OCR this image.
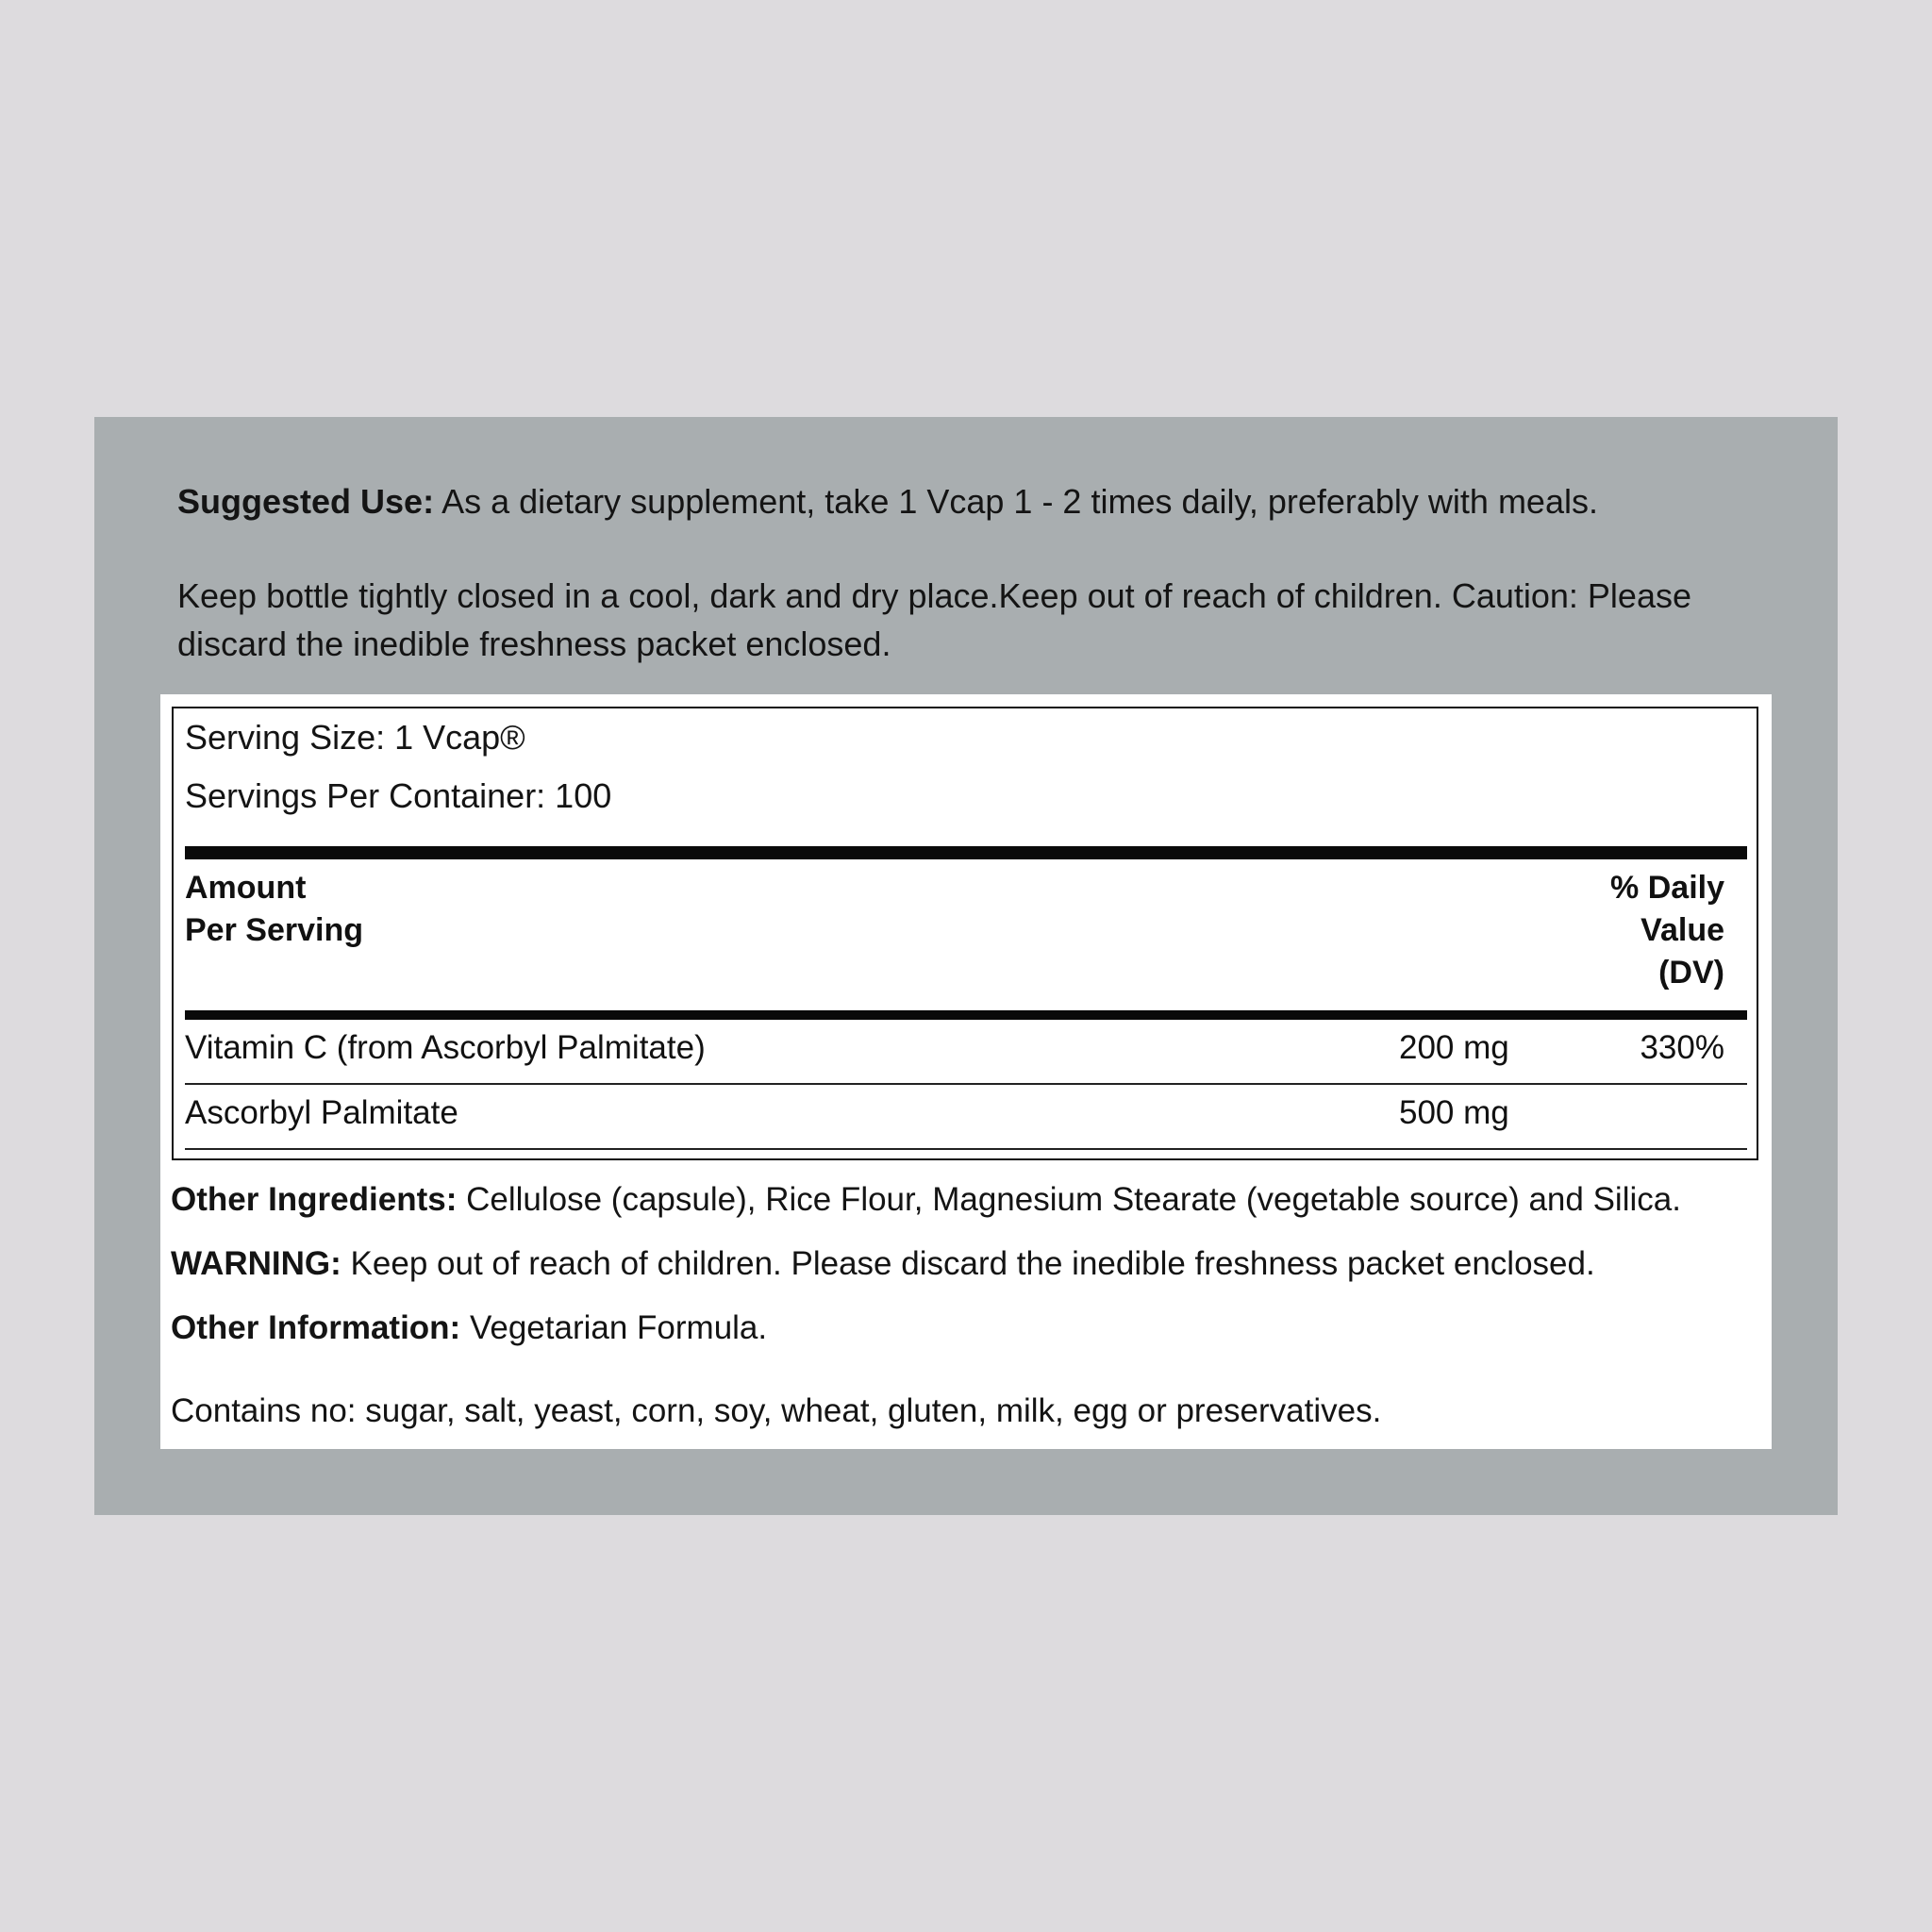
Suggested Use: As a dietary supplement, take 1 Vcap 1 - 2 times daily, preferably with meals.

Keep bottle tightly closed in a cool, dark and dry place.Keep out of reach of children. Caution: Please

discard the inedible freshness packet enclosed.

Serving Size: 1 Vcap®
Servings Per Container: 100
Amount
Per Serving
% Daily
Value
(DV)
Vitamin C (from Ascorbyl Palmitate)	200 mg	330%
Ascorbyl Palmitate	500 mg

Other Ingredients: Cellulose (capsule), Rice Flour, Magnesium Stearate (vegetable source) and Silica.

WARNING: Keep out of reach of children. Please discard the inedible freshness packet enclosed.

Other Information: Vegetarian Formula.

Contains no: sugar, salt, yeast, corn, soy, wheat, gluten, milk, egg or preservatives.
